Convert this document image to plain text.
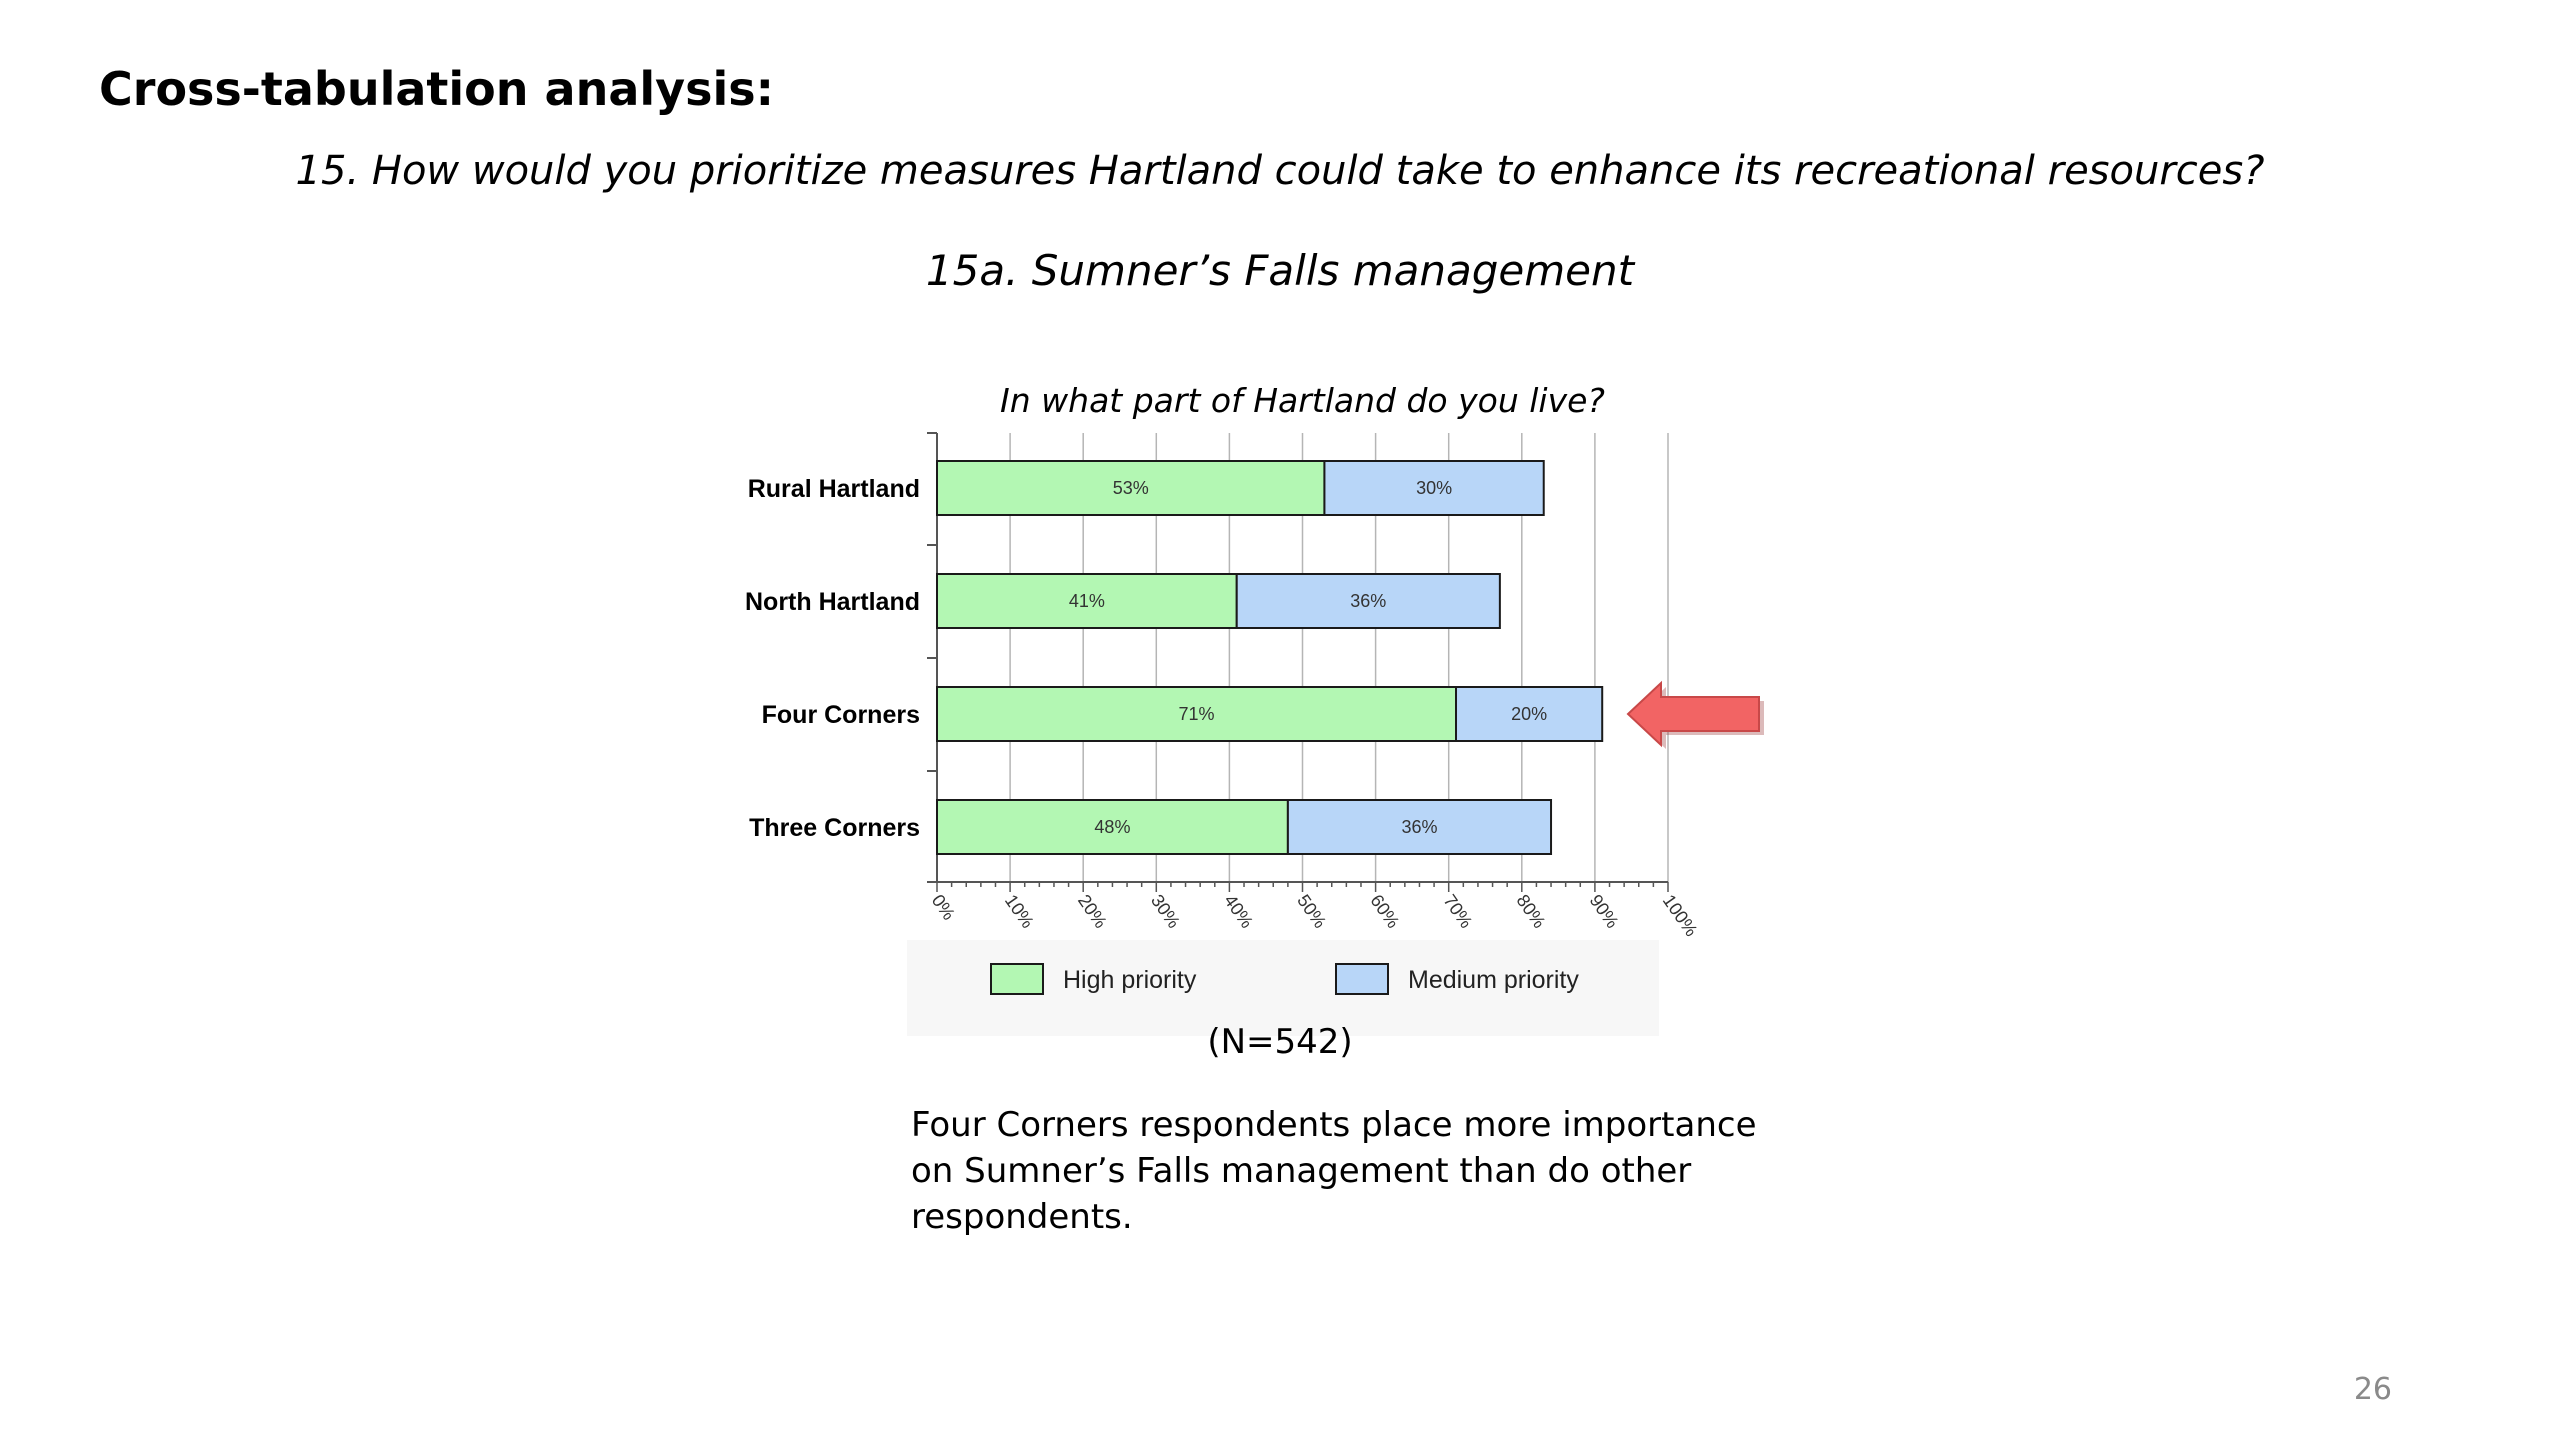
Cross-tabulation analysis:

15. How would you prioritize measures Hartland could take to enhance its recreational resources?

15a. Sumner’s Falls management

In what part of Hartland do you live?
0% 10% 20% 30% 40% 50% 60% 70% 80% 90% 100%
Rural Hartland	53%	30%
North Hartland	41%	36%
Four Corners	71%	20%
Three Corners	48%	36%
High priority	Medium priority
(N=542)
Four Corners respondents place more importance on Sumner’s Falls management than do other respondents.
26
